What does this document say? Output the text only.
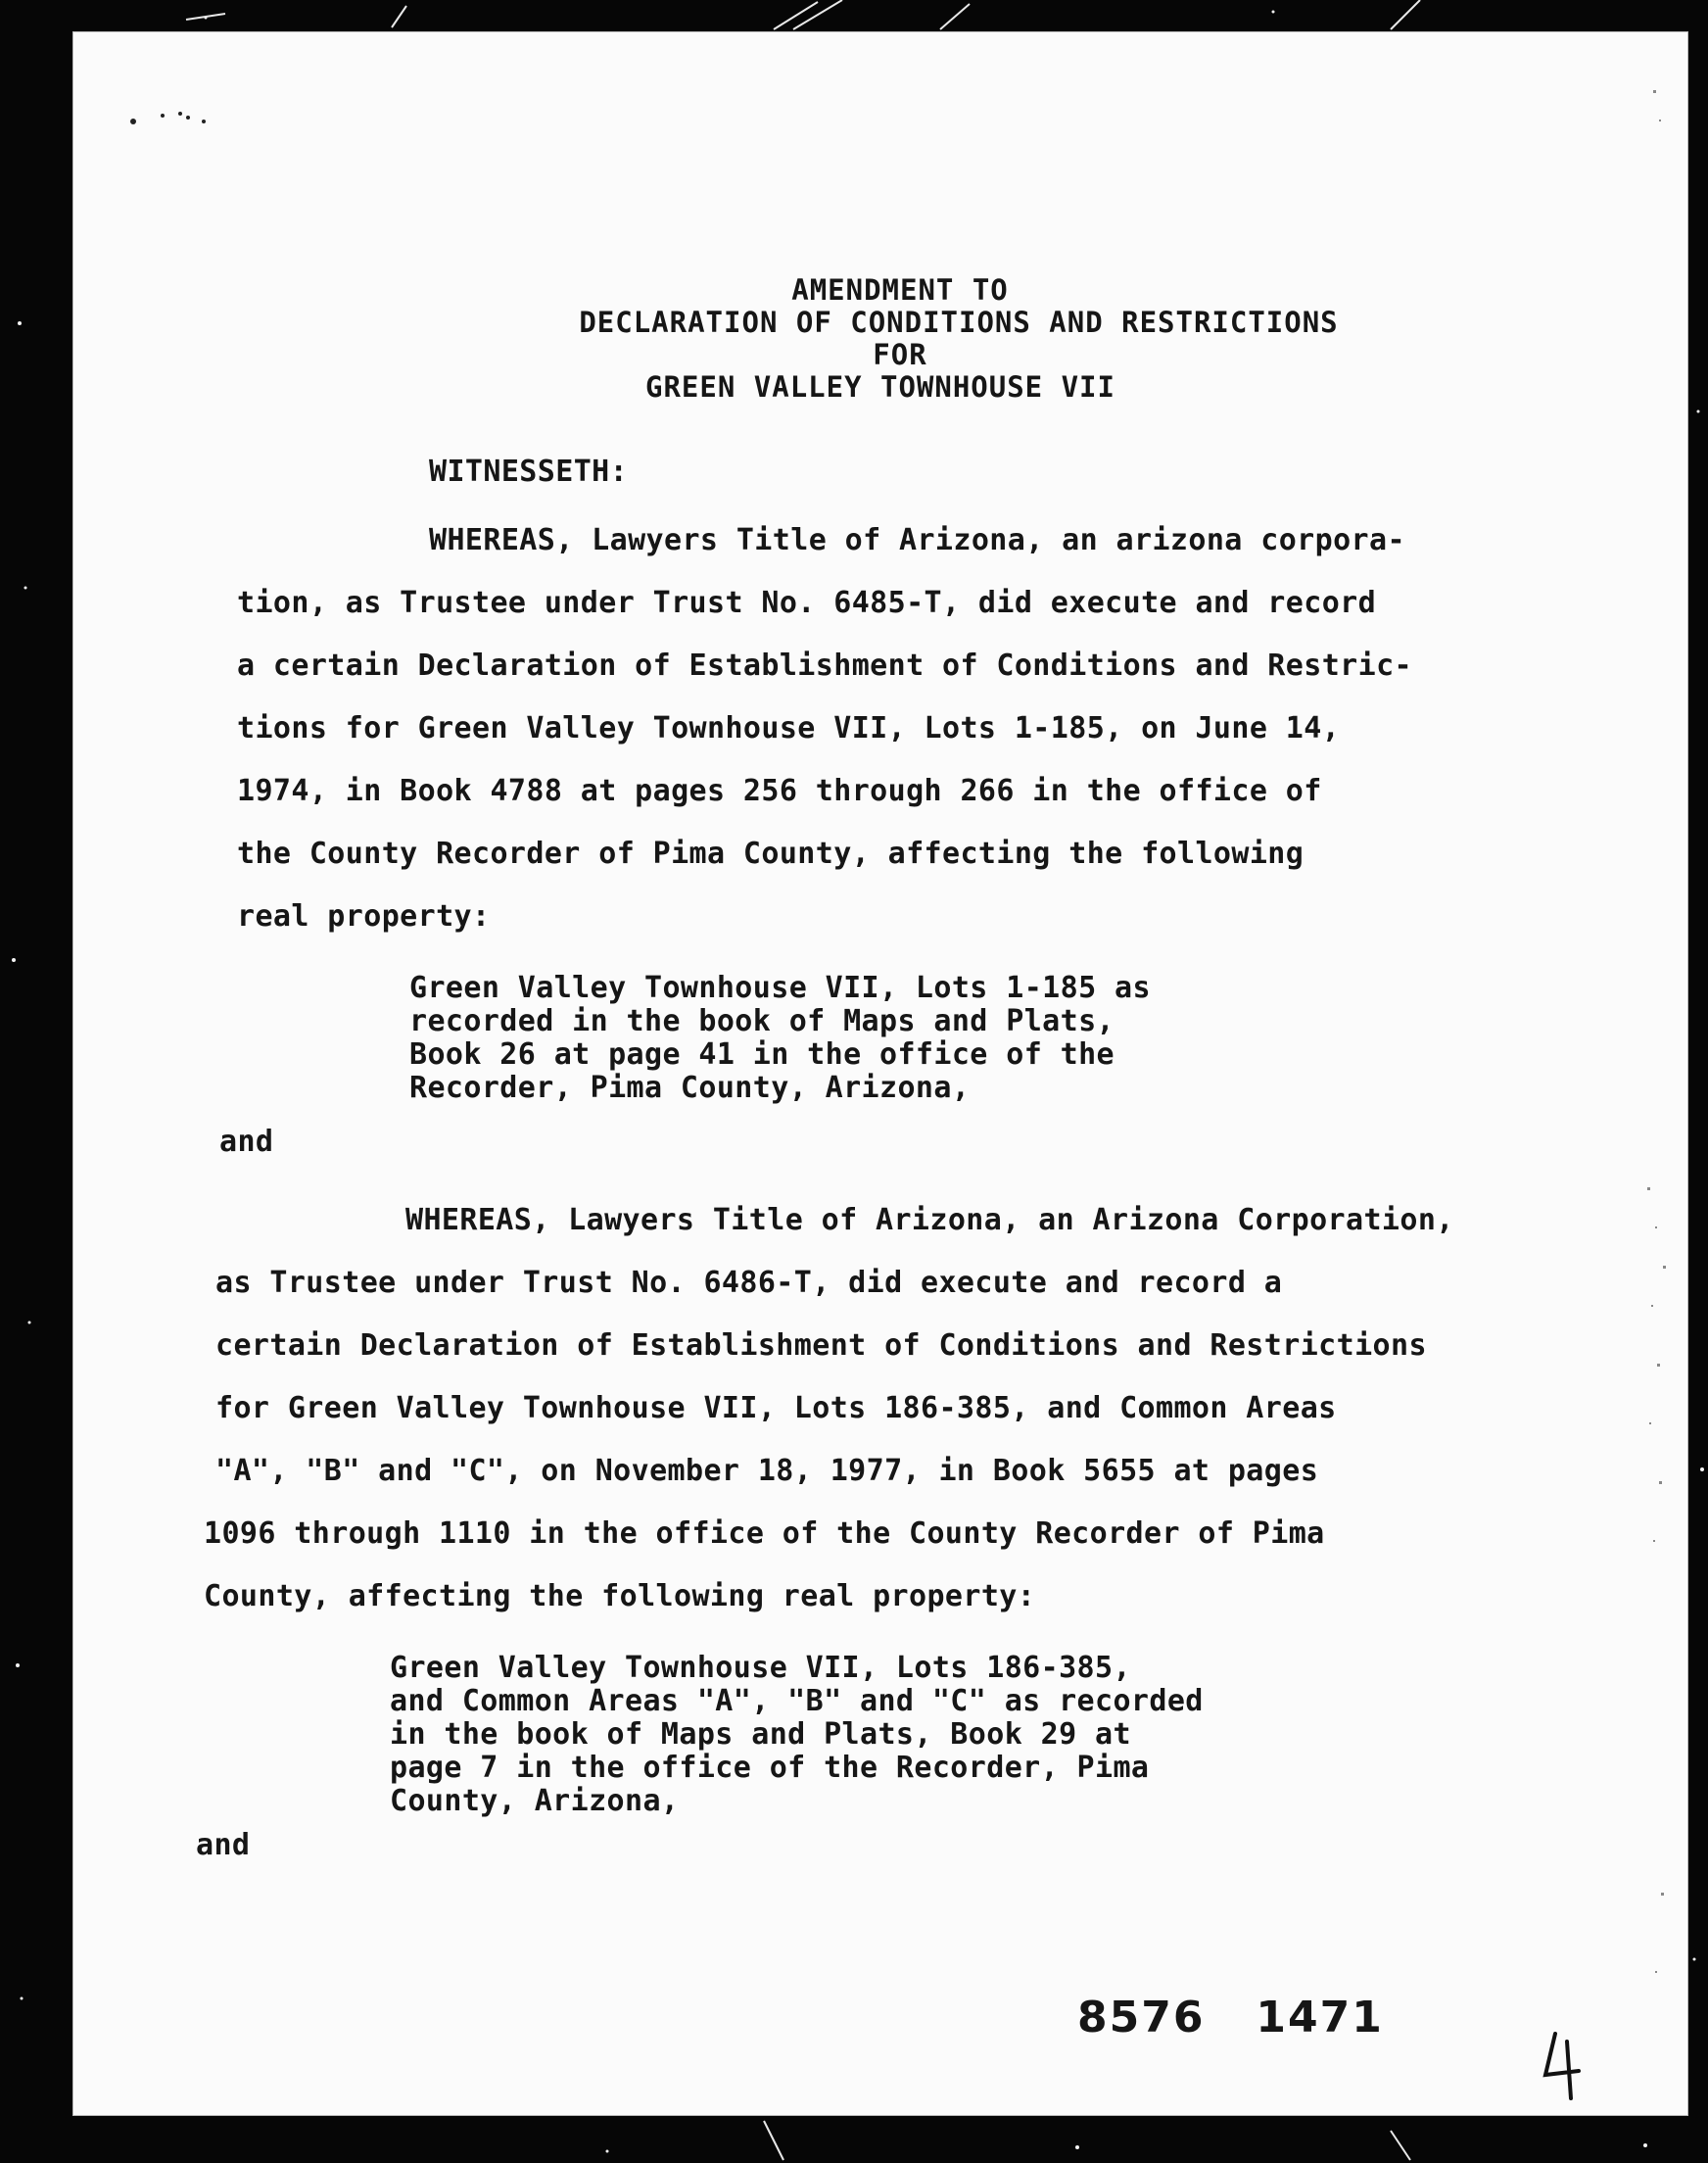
AMENDMENT TO
DECLARATION OF CONDITIONS AND RESTRICTIONS
FOR
GREEN VALLEY TOWNHOUSE VII
WITNESSETH:
WHEREAS, Lawyers Title of Arizona, an arizona corpora-
tion, as Trustee under Trust No. 6485-T, did execute and record
a certain Declaration of Establishment of Conditions and Restric-
tions for Green Valley Townhouse VII, Lots 1-185, on June 14,
1974, in Book 4788 at pages 256 through 266 in the office of
the County Recorder of Pima County, affecting the following
real property:
Green Valley Townhouse VII, Lots 1-185 as
recorded in the book of Maps and Plats,
Book 26 at page 41 in the office of the
Recorder, Pima County, Arizona,
and
WHEREAS, Lawyers Title of Arizona, an Arizona Corporation,
as Trustee under Trust No. 6486-T, did execute and record a
certain Declaration of Establishment of Conditions and Restrictions
for Green Valley Townhouse VII, Lots 186-385, and Common Areas
"A", "B" and "C", on November 18, 1977, in Book 5655 at pages
1096 through 1110 in the office of the County Recorder of Pima
County, affecting the following real property:
Green Valley Townhouse VII, Lots 186-385,
and Common Areas "A", "B" and "C" as recorded
in the book of Maps and Plats, Book 29 at
page 7 in the office of the Recorder, Pima
County, Arizona,
and
8576   1471
